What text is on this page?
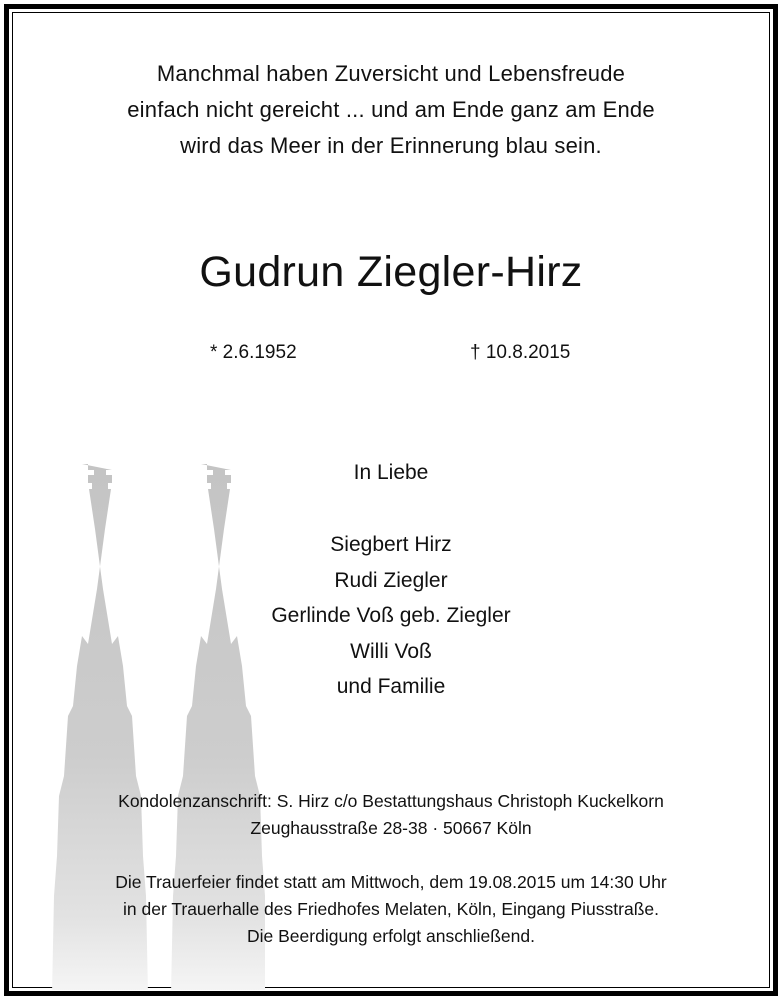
Manchmal haben Zuversicht und Lebensfreude
einfach nicht gereicht ... und am Ende ganz am Ende
wird das Meer in der Erinnerung blau sein.
Gudrun Ziegler-Hirz
* 2.6.1952	† 10.8.2015
In Liebe
Siegbert Hirz
Rudi Ziegler
Gerlinde Voß geb. Ziegler
Willi Voß
und Familie
Kondolenzanschrift: S. Hirz c/o Bestattungshaus Christoph Kuckelkorn
Zeughausstraße 28-38 · 50667 Köln
Die Trauerfeier findet statt am Mittwoch, dem 19.08.2015 um 14:30 Uhr
in der Trauerhalle des Friedhofes Melaten, Köln, Eingang Piusstraße.
Die Beerdigung erfolgt anschließend.
